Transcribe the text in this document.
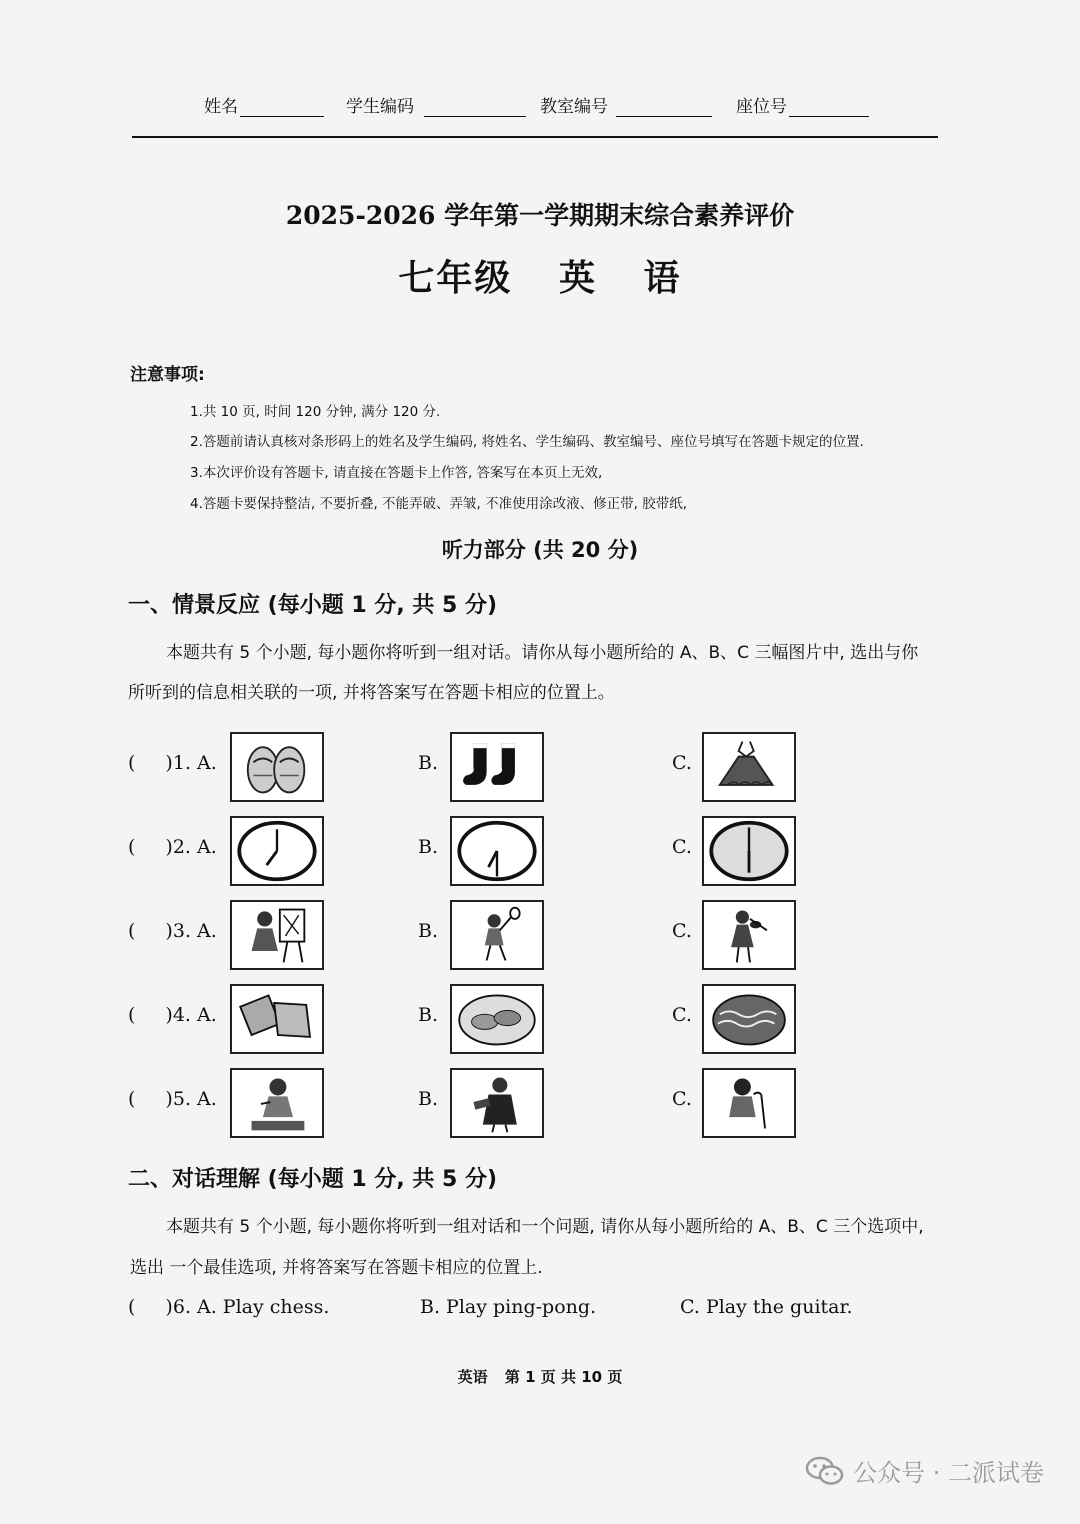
姓名	学生编码	教室编号	座位号
2025-2026 学年第一学期期末综合素养评价
七年级 英 语
注意事项:
1.共 10 页, 时间 120 分钟, 满分 120 分.
2.答题前请认真核对条形码上的姓名及学生编码, 将姓名、学生编码、教室编号、座位号填写在答题卡规定的位置.
3.本次评价设有答题卡, 请直接在答题卡上作答, 答案写在本页上无效,
4.答题卡要保持整洁, 不要折叠, 不能弄破、弄皱, 不准使用涂改液、修正带, 胶带纸,
听力部分 (共 20 分)
一、情景反应 (每小题 1 分, 共 5 分)
本题共有 5 个小题, 每小题你将听到一组对话。请你从每小题所给的 A、B、C 三幅图片中, 选出与你
所听到的信息相关联的一项, 并将答案写在答题卡相应的位置上。
( )1. A.	B.	C.
( )2. A.	B.	C.
( )3. A.	B.	C.
( )4. A.	B.	C.
( )5. A.	B.	C.
二、对话理解 (每小题 1 分, 共 5 分)
本题共有 5 个小题, 每小题你将听到一组对话和一个问题, 请你从每小题所给的 A、B、C 三个选项中,
选出 一个最佳选项, 并将答案写在答题卡相应的位置上.
( )6. A. Play chess.	B. Play ping-pong.	C. Play the guitar.
英语 第 1 页 共 10 页
公众号 · 二派试卷
